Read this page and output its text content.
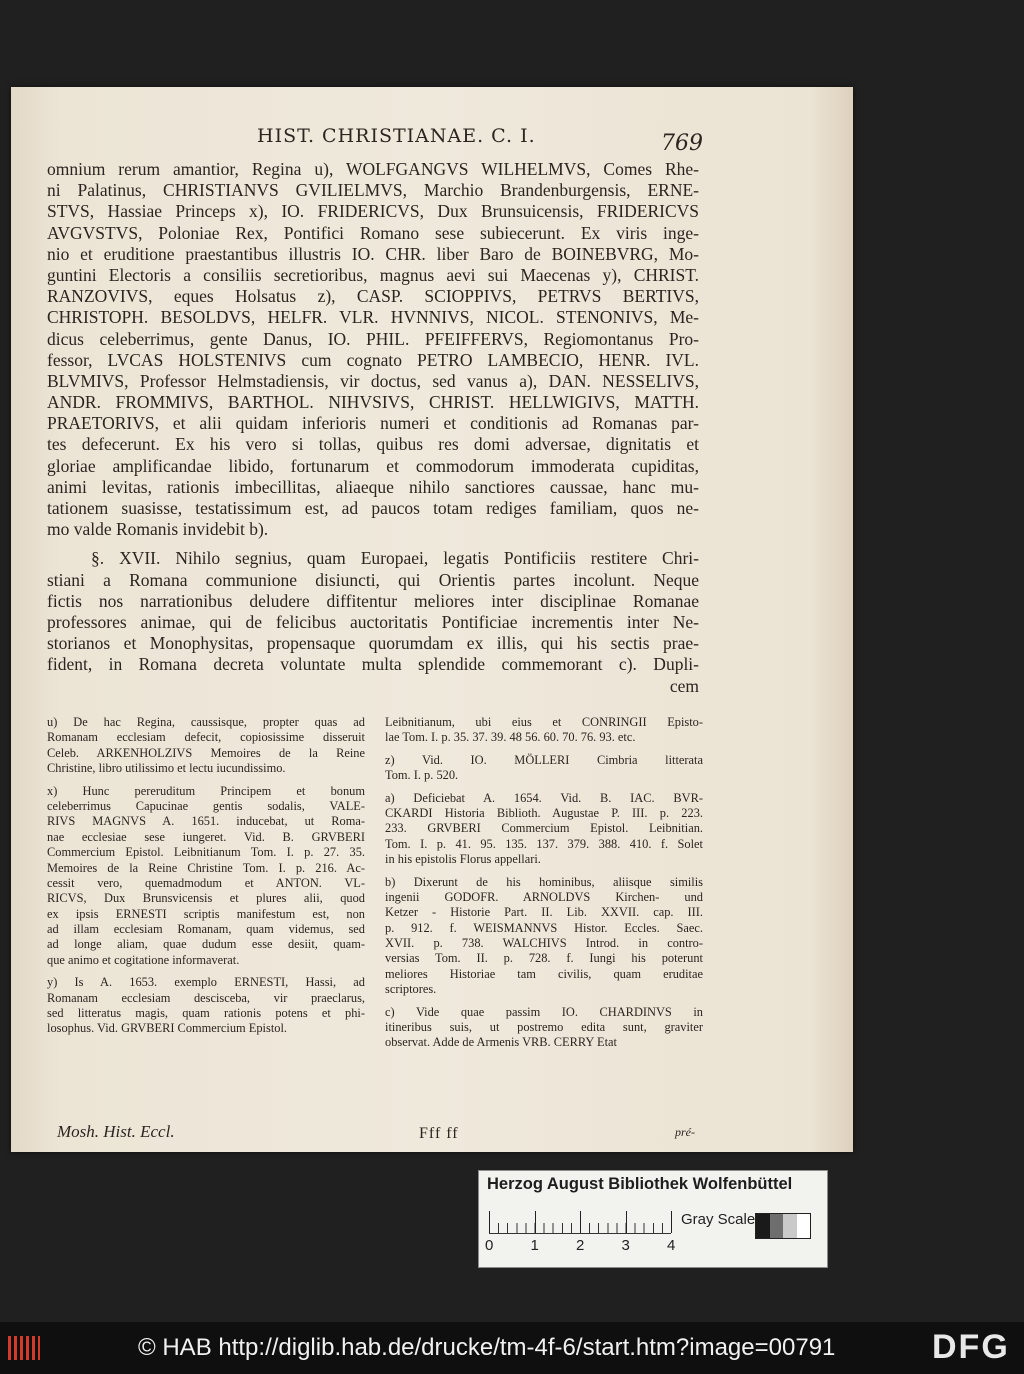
HIST. CHRISTIANAE. C. I.	769
omnium rerum amantior, Regina u), WOLFGANGVS WILHELMVS, Comes Rhe-
ni Palatinus, CHRISTIANVS GVILIELMVS, Marchio Brandenburgensis, ERNE-
STVS, Hassiae Princeps x), IO. FRIDERICVS, Dux Brunsuicensis, FRIDERICVS
AVGVSTVS, Poloniae Rex, Pontifici Romano sese subiecerunt. Ex viris inge-
nio et eruditione praestantibus illustris IO. CHR. liber Baro de BOINEBVRG, Mo-
guntini Electoris a consiliis secretioribus, magnus aevi sui Maecenas y), CHRIST.
RANZOVIVS, eques Holsatus z), CASP. SCIOPPIVS, PETRVS BERTIVS,
CHRISTOPH. BESOLDVS, HELFR. VLR. HVNNIVS, NICOL. STENONIVS, Me-
dicus celeberrimus, gente Danus, IO. PHIL. PFEIFFERVS, Regiomontanus Pro-
fessor, LVCAS HOLSTENIVS cum cognato PETRO LAMBECIO, HENR. IVL.
BLVMIVS, Professor Helmstadiensis, vir doctus, sed vanus a), DAN. NESSELIVS,
ANDR. FROMMIVS, BARTHOL. NIHVSIVS, CHRIST. HELLWIGIVS, MATTH.
PRAETORIVS, et alii quidam inferioris numeri et conditionis ad Romanas par-
tes defecerunt. Ex his vero si tollas, quibus res domi adversae, dignitatis et
gloriae amplificandae libido, fortunarum et commodorum immoderata cupiditas,
animi levitas, rationis imbecillitas, aliaeque nihilo sanctiores caussae, hanc mu-
tationem suasisse, testatissimum est, ad paucos totam rediges familiam, quos ne-
mo valde Romanis invidebit b).
§. XVII. Nihilo segnius, quam Europaei, legatis Pontificiis restitere Chri-
stiani a Romana communione disiuncti, qui Orientis partes incolunt. Neque
fictis nos narrationibus deludere diffitentur meliores inter disciplinae Romanae
professores animae, qui de felicibus auctoritatis Pontificiae incrementis inter Ne-
storianos et Monophysitas, propensaque quorumdam ex illis, qui his sectis prae-
fident, in Romana decreta voluntate multa splendide commemorant c). Dupli-
cem
u) De hac Regina, caussisque, propter quas ad
Romanam ecclesiam defecit, copiosissime disseruit
Celeb. ARKENHOLZIVS Memoires de la Reine
Christine, libro utilissimo et lectu iucundissimo.
x) Hunc pereruditum Principem et bonum
celeberrimus Capucinae gentis sodalis, VALE-
RIVS MAGNVS A. 1651. inducebat, ut Roma-
nae ecclesiae sese iungeret. Vid. B. GRVBERI
Commercium Epistol. Leibnitianum Tom. I. p. 27. 35.
Memoires de la Reine Christine Tom. I. p. 216. Ac-
cessit vero, quemadmodum et ANTON. VL-
RICVS, Dux Brunsvicensis et plures alii, quod
ex ipsis ERNESTI scriptis manifestum est, non
ad illam ecclesiam Romanam, quam videmus, sed
ad longe aliam, quae dudum esse desiit, quam-
que animo et cogitatione informaverat.
y) Is A. 1653. exemplo ERNESTI, Hassi, ad
Romanam ecclesiam descisceba, vir praeclarus,
sed litteratus magis, quam rationis potens et phi-
losophus. Vid. GRVBERI Commercium Epistol.
Leibnitianum, ubi eius et CONRINGII Episto-
lae Tom. I. p. 35. 37. 39. 48 56. 60. 70. 76. 93. etc.
z) Vid. IO. MÖLLERI Cimbria litterata
Tom. I. p. 520.
a) Deficiebat A. 1654. Vid. B. IAC. BVR-
CKARDI Historia Biblioth. Augustae P. III. p. 223.
233. GRVBERI Commercium Epistol. Leibnitian.
Tom. I. p. 41. 95. 135. 137. 379. 388. 410. f. Solet
in his epistolis Florus appellari.
b) Dixerunt de his hominibus, aliisque similis
ingenii GODOFR. ARNOLDVS Kirchen- und
Ketzer - Historie Part. II. Lib. XXVII. cap. III.
p. 912. f. WEISMANNVS Histor. Eccles. Saec.
XVII. p. 738. WALCHIVS Introd. in contro-
versias Tom. II. p. 728. f. Iungi his poterunt
meliores Historiae tam civilis, quam eruditae
scriptores.
c) Vide quae passim IO. CHARDINVS in
itineribus suis, ut postremo edita sunt, graviter
observat. Adde de Armenis VRB. CERRY Etat
Mosh. Hist. Eccl.	Fff ff	pré-
Herzog August Bibliothek Wolfenbüttel
0 1 2 3 4
Gray Scale
© HAB http://diglib.hab.de/drucke/tm-4f-6/start.htm?image=00791	DFG
